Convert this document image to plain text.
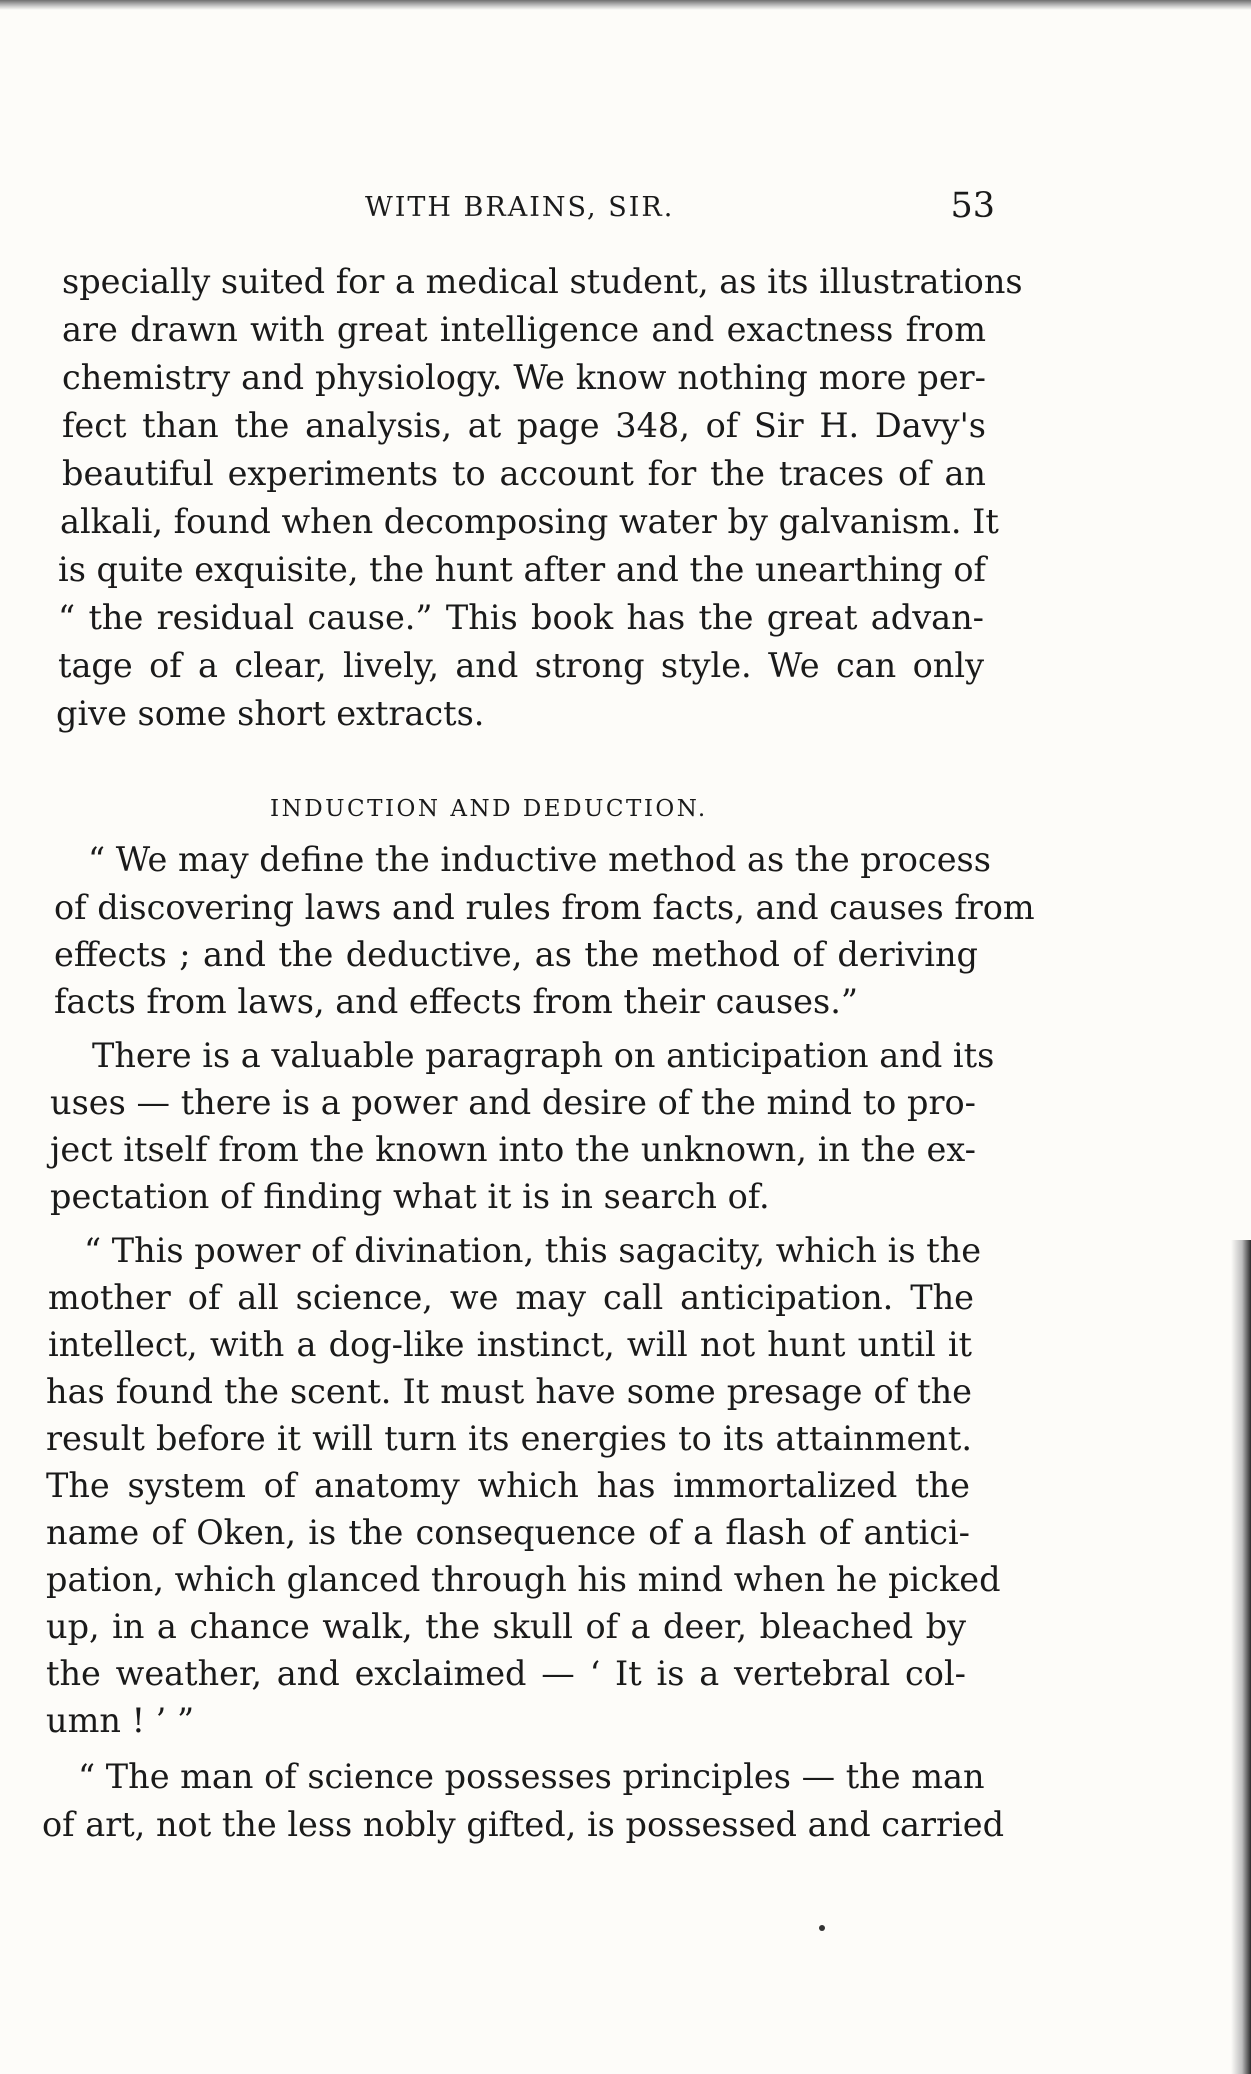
WITH BRAINS, SIR.	53
specially suited for a medical student, as its illustrations
are drawn with great intelligence and exactness from
chemistry and physiology. We know nothing more per-
fect than the analysis, at page 348, of Sir H. Davy's
beautiful experiments to account for the traces of an
alkali, found when decomposing water by galvanism. It
is quite exquisite, the hunt after and the unearthing of
“ the residual cause.” This book has the great advan-
tage of a clear, lively, and strong style. We can only
give some short extracts.
INDUCTION AND DEDUCTION.
“ We may define the inductive method as the process
of discovering laws and rules from facts, and causes from
effects ; and the deductive, as the method of deriving
facts from laws, and effects from their causes.”
There is a valuable paragraph on anticipation and its
uses — there is a power and desire of the mind to pro-
ject itself from the known into the unknown, in the ex-
pectation of finding what it is in search of.
“ This power of divination, this sagacity, which is the
mother of all science, we may call anticipation. The
intellect, with a dog-like instinct, will not hunt until it
has found the scent. It must have some presage of the
result before it will turn its energies to its attainment.
The system of anatomy which has immortalized the
name of Oken, is the consequence of a flash of antici-
pation, which glanced through his mind when he picked
up, in a chance walk, the skull of a deer, bleached by
the weather, and exclaimed — ‘ It is a vertebral col-
umn ! ’ ”
“ The man of science possesses principles — the man
of art, not the less nobly gifted, is possessed and carried
